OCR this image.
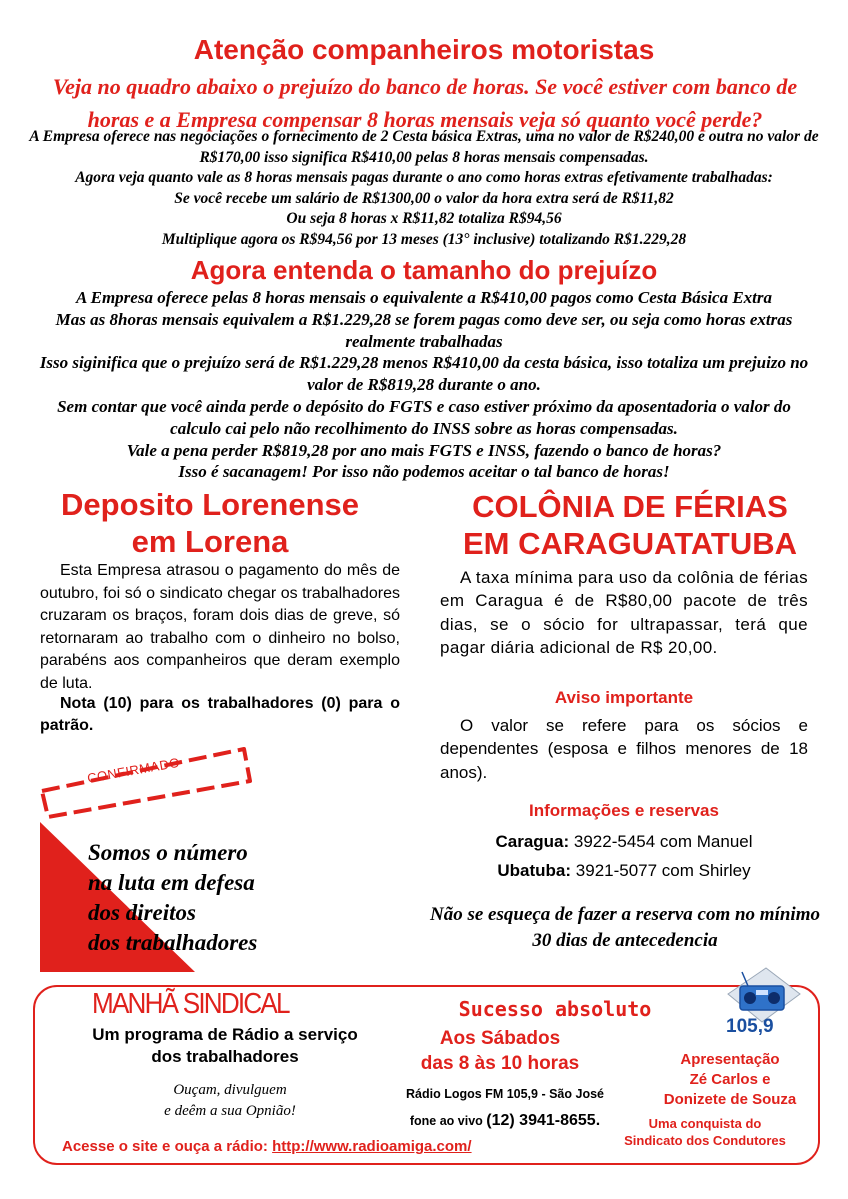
Atenção companheiros motoristas
Veja no quadro abaixo o prejuízo do banco de horas. Se você estiver com banco de horas e a Empresa compensar 8 horas mensais veja só quanto você perde?
A Empresa oferece nas negociações o fornecimento de 2 Cesta básica Extras, uma no valor de R$240,00 e outra no valor de R$170,00 isso significa R$410,00 pelas 8 horas mensais compensadas.
Agora veja quanto vale as 8 horas mensais pagas durante o ano como horas extras efetivamente trabalhadas:
Se você recebe um salário de R$1300,00 o valor da hora extra será de R$11,82
Ou seja 8 horas x R$11,82 totaliza R$94,56
Multiplique agora os R$94,56 por 13 meses (13° inclusive) totalizando R$1.229,28
Agora entenda o tamanho do prejuízo
A Empresa oferece pelas 8 horas mensais o equivalente a R$410,00 pagos como Cesta Básica Extra
Mas as 8horas mensais equivalem a R$1.229,28 se forem pagas como deve ser, ou seja como horas extras realmente trabalhadas
Isso siginifica que o prejuízo será de R$1.229,28 menos R$410,00 da cesta básica, isso totaliza um prejuizo no valor de R$819,28 durante o ano.
Sem contar que você ainda perde o depósito do FGTS e caso estiver próximo da aposentadoria o valor do calculo cai pelo não recolhimento do INSS sobre as horas compensadas.
Vale a pena perder R$819,28 por ano mais FGTS e INSS, fazendo o banco de horas?
Isso é sacanagem! Por isso não podemos aceitar o tal banco de horas!
Deposito Lorenense
em Lorena
Esta Empresa atrasou o pagamento do mês de outubro, foi só o sindicato chegar os trabalhadores cruzaram os braços, foram dois dias de greve, só retornaram ao trabalho com o dinheiro no bolso, parabéns aos companheiros que deram exemplo de luta.
Nota (10) para os trabalhadores (0) para o patrão.
CONFIRMADO
Somos o número
na luta em defesa
dos direitos
dos trabalhadores
COLÔNIA DE FÉRIAS
EM CARAGUATATUBA
A taxa mínima para uso da colônia de férias em Caragua é de R$80,00 pacote de três dias, se o sócio for ultrapassar, terá que pagar diária adicional de R$ 20,00.
Aviso importante
O valor se refere para os sócios e dependentes (esposa e filhos menores de 18 anos).
Informações e reservas
Caragua: 3922-5454 com Manuel
Ubatuba: 3921-5077 com Shirley
Não se esqueça de fazer a reserva com no mínimo 30 dias de antecedencia
MANHÃ SINDICAL
Um programa de Rádio a serviço dos trabalhadores
Ouçam, divulguem
e deêm a sua Opnião!
Acesse o site e ouça a rádio: http://www.radioamiga.com/
Sucesso absoluto
Aos Sábados
das 8 às 10 horas
Rádio Logos FM 105,9 - São José
fone ao vivo (12) 3941-8655.
105,9
Apresentação
Zé Carlos e
Donizete de Souza
Uma conquista do
Sindicato dos Condutores
